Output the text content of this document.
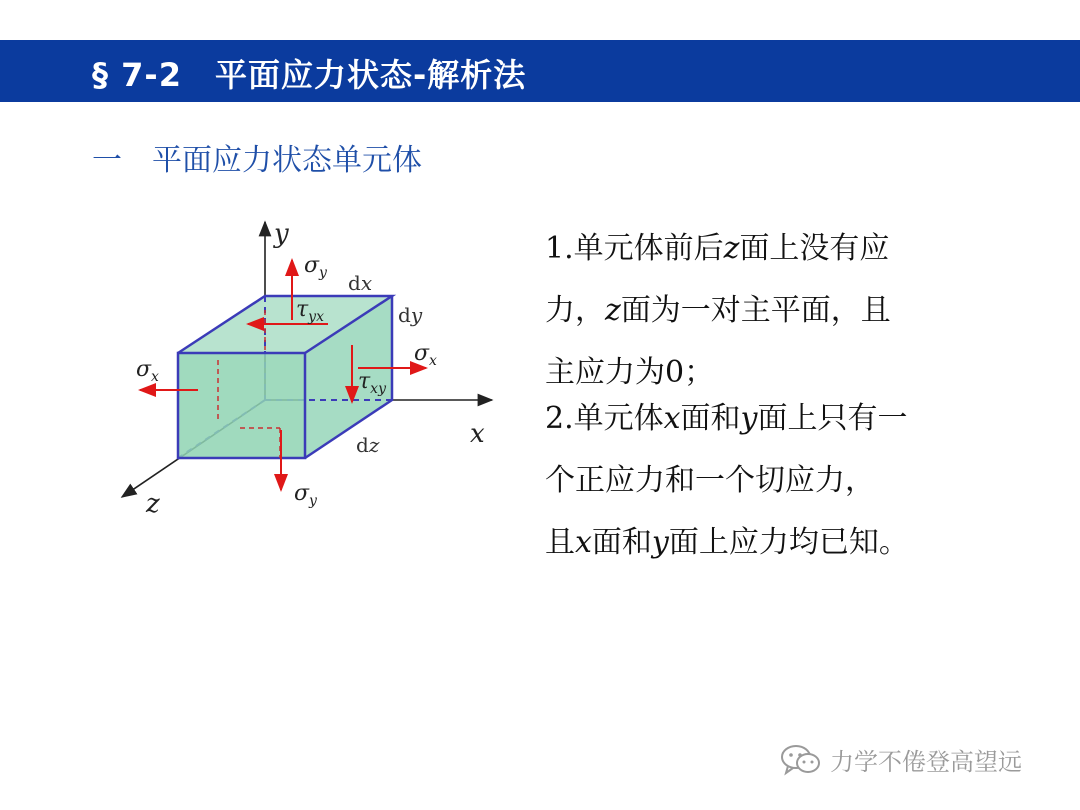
§ 7-2　平面应力状态-解析法
一　平面应力状态单元体
y
x
z
dx
dy
dz
$\sigma_y$
$\sigma_y$
$\sigma_x$
$\sigma_x$
$\tau_{yx}$
$\tau_{xy}$
1.单元体前后z面上没有应
力，z面为一对主平面，且
主应力为0；
2.单元体x面和y面上只有一
个正应力和一个切应力，
且x面和y面上应力均已知。
力学不倦登高望远
